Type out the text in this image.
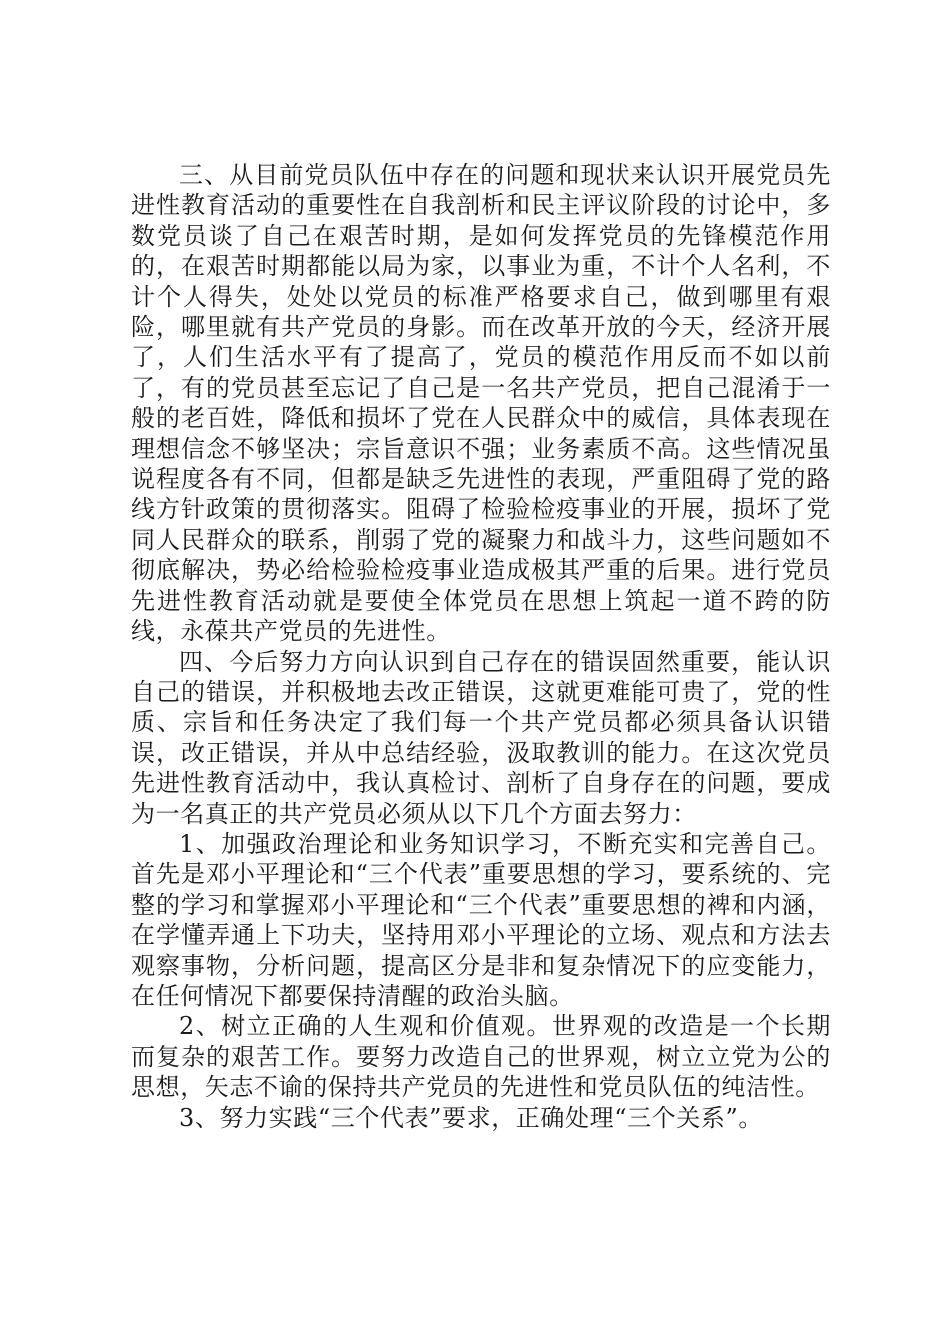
三、从目前党员队伍中存在的问题和现状来认识开展党员先进性教育活动的重要性在自我剖析和民主评议阶段的讨论中，多数党员谈了自己在艰苦时期，是如何发挥党员的先锋模范作用的，在艰苦时期都能以局为家，以事业为重，不计个人名利，不计个人得失，处处以党员的标准严格要求自己，做到哪里有艰险，哪里就有共产党员的身影。而在改革开放的今天，经济开展了，人们生活水平有了提高了，党员的模范作用反而不如以前了，有的党员甚至忘记了自己是一名共产党员，把自己混淆于一般的老百姓，降低和损坏了党在人民群众中的威信，具体表现在理想信念不够坚决；宗旨意识不强；业务素质不高。这些情况虽说程度各有不同，但都是缺乏先进性的表现，严重阻碍了党的路线方针政策的贯彻落实。阻碍了检验检疫事业的开展，损坏了党同人民群众的联系，削弱了党的凝聚力和战斗力，这些问题如不彻底解决，势必给检验检疫事业造成极其严重的后果。进行党员先进性教育活动就是要使全体党员在思想上筑起一道不跨的防线，永葆共产党员的先进性。

四、今后努力方向认识到自己存在的错误固然重要，能认识自己的错误，并积极地去改正错误，这就更难能可贵了，党的性质、宗旨和任务决定了我们每一个共产党员都必须具备认识错误，改正错误，并从中总结经验，汲取教训的能力。在这次党员先进性教育活动中，我认真检讨、剖析了自身存在的问题，要成为一名真正的共产党员必须从以下几个方面去努力：

1、加强政治理论和业务知识学习，不断充实和完善自己。首先是邓小平理论和“三个代表”重要思想的学习，要系统的、完整的学习和掌握邓小平理论和“三个代表”重要思想的裨和内涵，在学懂弄通上下功夫，坚持用邓小平理论的立场、观点和方法去观察事物，分析问题，提高区分是非和复杂情况下的应变能力，在任何情况下都要保持清醒的政治头脑。

2、树立正确的人生观和价值观。世界观的改造是一个长期而复杂的艰苦工作。要努力改造自己的世界观，树立立党为公的思想，矢志不谕的保持共产党员的先进性和党员队伍的纯洁性。

3、努力实践“三个代表”要求，正确处理“三个关系”。
